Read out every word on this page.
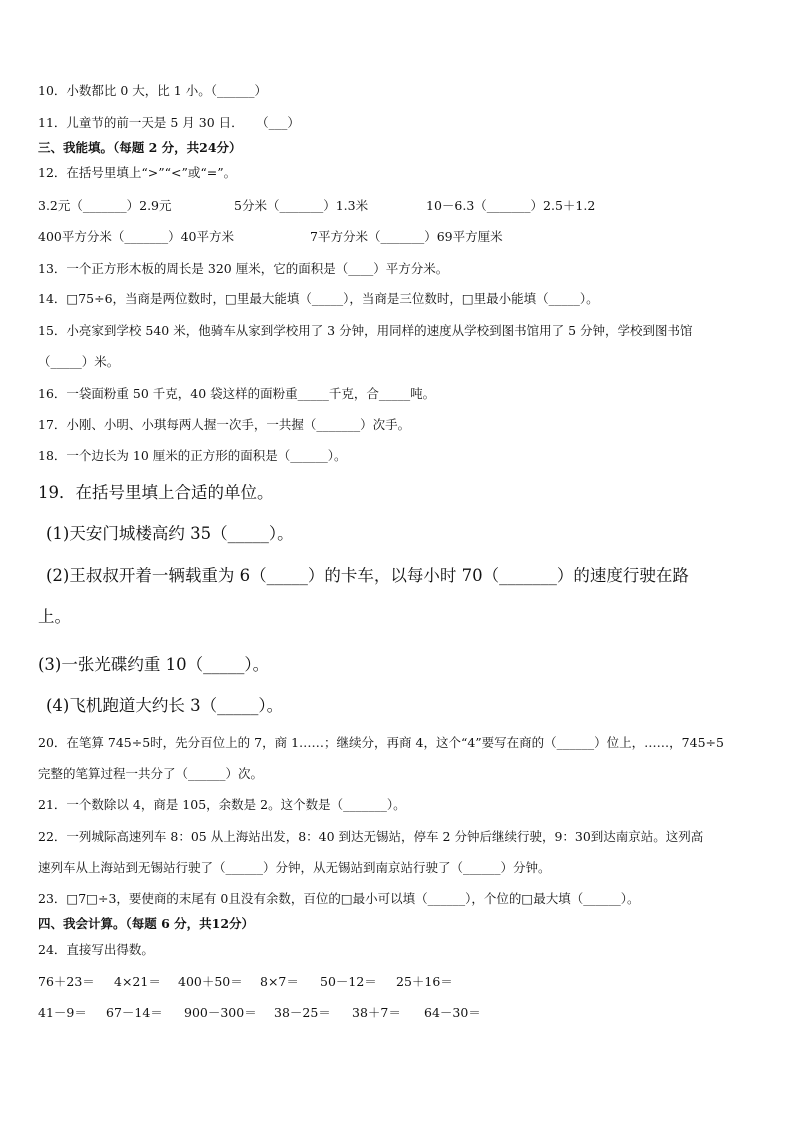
10．小数都比 0 大，比 1 小。（______）
11．儿童节的前一天是 5 月 30 日．　　（___）
三、我能填。（每题 2 分，共24分）
12．在括号里填上“>”“<”或“=”。
3.2元（_______）2.9元	5分米（_______）1.3米	10－6.3（_______）2.5＋1.2
400平方分米（_______）40平方米	7平方分米（_______）69平方厘米
13．一个正方形木板的周长是 320 厘米，它的面积是（____）平方分米。
14．□75÷6，当商是两位数时，□里最大能填（_____），当商是三位数时，□里最小能填（_____）。
15．小亮家到学校 540 米，他骑车从家到学校用了 3 分钟，用同样的速度从学校到图书馆用了 5 分钟，学校到图书馆
（_____）米。
16．一袋面粉重 50 千克，40 袋这样的面粉重_____千克，合_____吨。
17．小刚、小明、小琪每两人握一次手，一共握（_______）次手。
18．一个边长为 10 厘米的正方形的面积是（______）。
19．在括号里填上合适的单位。
(1)天安门城楼高约 35（_____）。
(2)王叔叔开着一辆载重为 6（_____）的卡车，以每小时 70（_______）的速度行驶在路
上。
(3)一张光碟约重 10（_____）。
(4)飞机跑道大约长 3（_____）。
20．在笔算 745÷5时，先分百位上的 7，商 1……；继续分，再商 4，这个“4”要写在商的（______）位上，……，745÷5
完整的笔算过程一共分了（______）次。
21．一个数除以 4，商是 105，余数是 2。这个数是（_______）。
22．一列城际高速列车 8：05 从上海站出发，8：40 到达无锡站，停车 2 分钟后继续行驶，9：30到达南京站。这列高
速列车从上海站到无锡站行驶了（______）分钟，从无锡站到南京站行驶了（______）分钟。
23．□7□÷3，要使商的末尾有 0且没有余数，百位的□最小可以填（______），个位的□最大填（______）。
四、我会计算。（每题 6 分，共12分）
24．直接写出得数。
76＋23＝ 4×21＝ 400＋50＝ 8×7＝ 50－12＝ 25＋16＝
41－9＝ 67－14＝ 900－300＝ 38－25＝ 38＋7＝ 64－30＝
